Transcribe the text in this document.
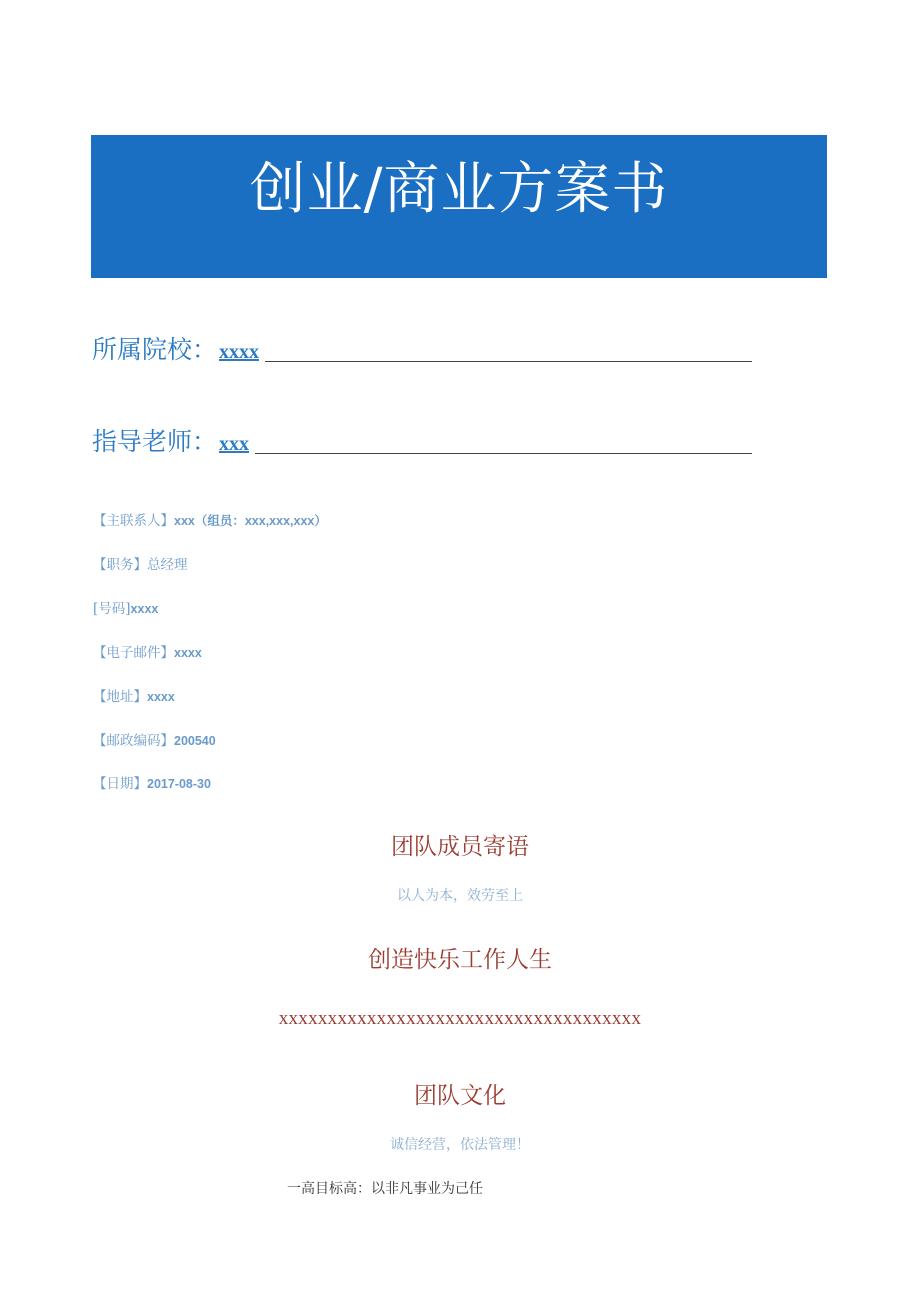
创业/商业方案书
所属院校： xxxx
指导老师： xxx
【主联系人】xxx（组员：xxx,xxx,xxx）
【职务】总经理
[号码]xxxx
【电子邮件】xxxx
【地址】xxxx
【邮政编码】200540
【日期】2017-08-30
团队成员寄语
以人为本，效劳至上
创造快乐工作人生
xxxxxxxxxxxxxxxxxxxxxxxxxxxxxxxxxxxxx
团队文化
诚信经营，依法管理！
一高目标高：以非凡事业为己任
